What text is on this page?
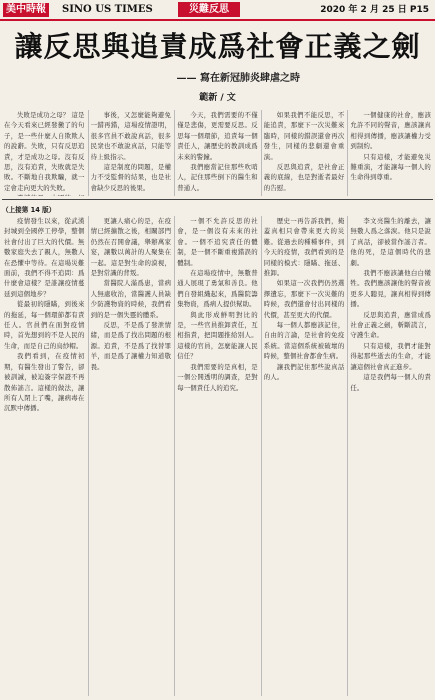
美中時報	SINO US TIMES	災難反思	2020 年 2 月 25 日 P15
讓反思與追責成爲社會正義之劍
—— 寫在新冠肺炎肆虐之時
範新 / 文

失敗是成功之母？ 這是在今天看來已經發黴了的句子，是一些什麼人自欺欺人的說辭。失敗，只有反思追責，才是成功之母。沒有反思，沒有追責，失敗就是失敗。不斷地自我欺騙，就一定會走向更大的失敗。

事後，又怎麼能夠避免一錯再錯，這場疫情證明，很多官員不敢說真話，很多民衆也不敢說真話，只能等待上級指示。

這是制度的問題，是權力不受監督的結果，也是社會缺少反思的後果。

今天，我們需要的不僅僅是悲傷，更需要反思。反思每一個環節，追責每一個責任人，讓歷史的教訓成爲未來的警鐘。

我們應當記住那些吹哨人，記住那些倒下的醫生和普通人。

如果我們不能反思，不能追責，那麼下一次災難來臨時，同樣的錯誤還會再次發生，同樣的悲劇還會重演。

反思與追責，是社會正義的底線，也是對逝者最好的告慰。

一個健康的社會，應該允許不同的聲音，應該讓真相得到傳播，應該讓權力受到制約。

只有這樣，才能避免災難重演，才能讓每一個人的生命得到尊重。

（上接第 14 版）

疫情發生以來，從武漢封城到全國停工停學，整個社會付出了巨大的代價。無數家庭失去了親人，無數人在恐懼中等待。在這場災難面前，我們不得不追問：爲什麼會這樣？是誰讓疫情蔓延到這個地步？

從最初的隱瞞，到後來的拖延，每一個環節都有責任人。官員們在面對疫情時，首先想到的不是人民的生命，而是自己的烏紗帽。

我們看到，在疫情初期，有醫生發出了警告，卻被訓誡，被迫簽字保證不再散佈謠言。這樣的做法，讓所有人閉上了嘴，讓病毒在沉默中傳播。

更讓人痛心的是，在疫情已經擴散之後，相關部門仍然在召開會議，舉辦萬家宴，讓數以萬計的人聚集在一起。這是對生命的漠視，是對常識的背叛。

當醫院人滿爲患，當病人無處收治，當醫護人員缺少防護物資的時候，我們看到的是一個失靈的體系。

反思，不是爲了發泄情緒，而是爲了找出問題的根源。追責，不是爲了找替罪羊，而是爲了讓權力知道敬畏。

一個不允許反思的社會，是一個沒有未來的社會。一個不追究責任的體制，是一個不斷重複錯誤的體制。

在這場疫情中，無數普通人展現了勇氣和善良。他們自發組織起來，爲醫院籌集物資，爲病人提供幫助。

與此形成鮮明對比的是，一些官員推卸責任，互相指責，把問題推給別人。這樣的官員，怎麼能讓人民信任？

我們需要的是真相，是一個公開透明的調查，是對每一個責任人的追究。

歷史一再告訴我們，掩蓋真相只會帶來更大的災難。從過去的種種事件，到今天的疫情，我們看到的是同樣的模式：隱瞞、拖延、推卸。

如果這一次我們仍然選擇遺忘，那麼下一次災難的時候，我們還會付出同樣的代價，甚至更大的代價。

每一個人都應該記住，自由的言論，是社會的免疫系統。當這個系統被破壞的時候，整個社會都會生病。

讓我們記住那些說真話的人。

李文亮醫生的離去，讓無數人爲之落淚。他只是說了真話，卻被當作謠言者。他的死，是這個時代的悲劇。

我們不應該讓他白白犧牲。我們應該讓他的聲音被更多人聽見，讓真相得到傳播。

反思與追責，應當成爲社會正義之劍，斬斷謊言，守護生命。

只有這樣，我們才能對得起那些逝去的生命，才能讓這個社會真正進步。

這是我們每一個人的責任。
